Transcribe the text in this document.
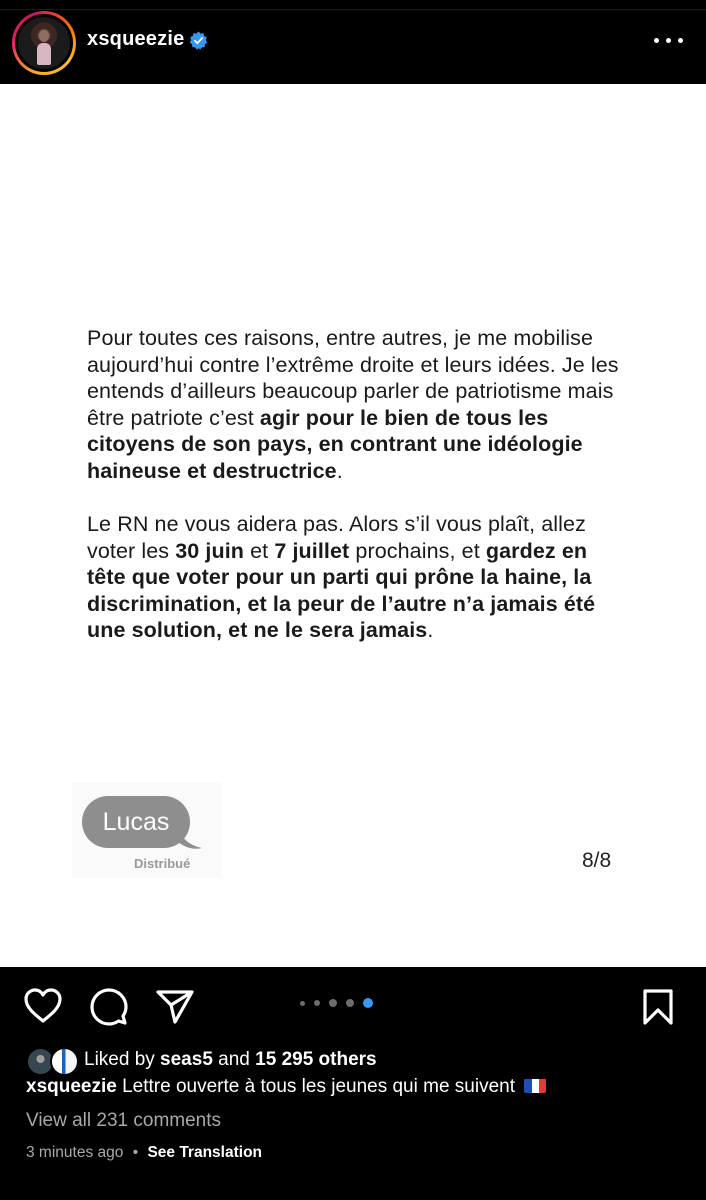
xsqueezie

Pour toutes ces raisons, entre autres, je me mobilise aujourd’hui contre l’extrême droite et leurs idées. Je les entends d’ailleurs beaucoup parler de patriotisme mais être patriote c’est agir pour le bien de tous les citoyens de son pays, en contrant une idéologie haineuse et destructrice.

Le RN ne vous aidera pas. Alors s’il vous plaît, allez voter les 30 juin et 7 juillet prochains, et gardez en tête que voter pour un parti qui prône la haine, la discrimination, et la peur de l’autre n’a jamais été une solution, et ne le sera jamais.

Lucas
Distribué	8/8
Liked by seas5 and 15 295 others
xsqueezie Lettre ouverte à tous les jeunes qui me suivent
View all 231 comments
3 minutes ago • See Translation
